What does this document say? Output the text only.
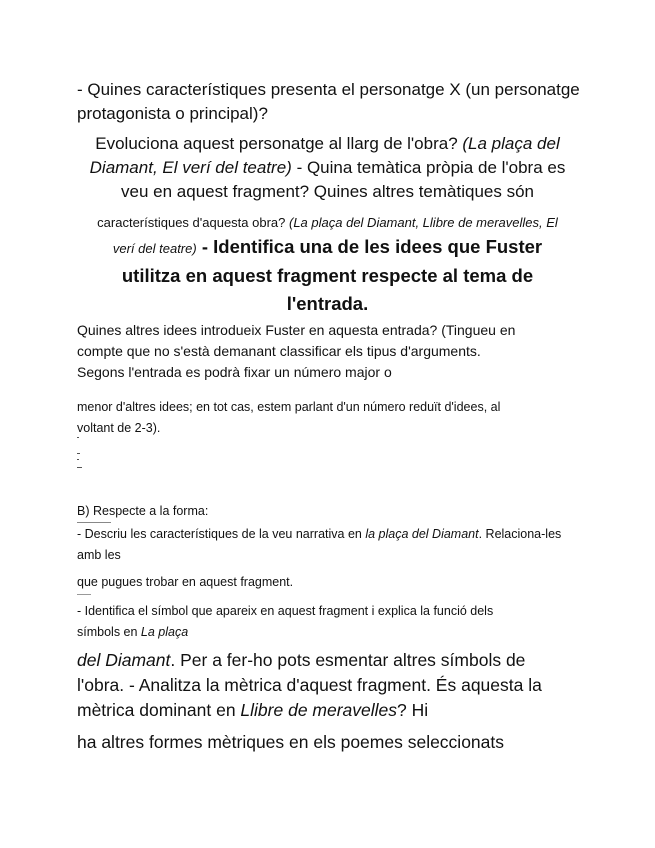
- Quines característiques presenta el personatge X (un personatge protagonista o principal)?

Evoluciona aquest personatge al llarg de l'obra? (La plaça del
Diamant, El verí del teatre) - Quina temàtica pròpia de l'obra es
veu en aquest fragment? Quines altres temàtiques són
característiques d'aquesta obra? (La plaça del Diamant, Llibre de meravelles, El
verí del teatre) - Identifica una de les idees que Fuster
utilitza en aquest fragment respecte al tema de
l'entrada.
Quines altres idees introdueix Fuster en aquesta entrada? (Tingueu en
compte que no s'està demanant classificar els tipus d'arguments.
Segons l'entrada es podrà fixar un número major o
menor d'altres idees; en tot cas, estem parlant d'un número reduït d'idees, al
voltant de 2-3).
B) Respecte a la forma:
- Descriu les característiques de la veu narrativa en la plaça del Diamant. Relaciona-les
amb les
que pugues trobar en aquest fragment.
- Identifica el símbol que apareix en aquest fragment i explica la funció dels
símbols en La plaça
del Diamant. Per a fer-ho pots esmentar altres símbols de
l'obra. - Analitza la mètrica d'aquest fragment. És aquesta la
mètrica dominant en Llibre de meravelles? Hi
ha altres formes mètriques en els poemes seleccionats
